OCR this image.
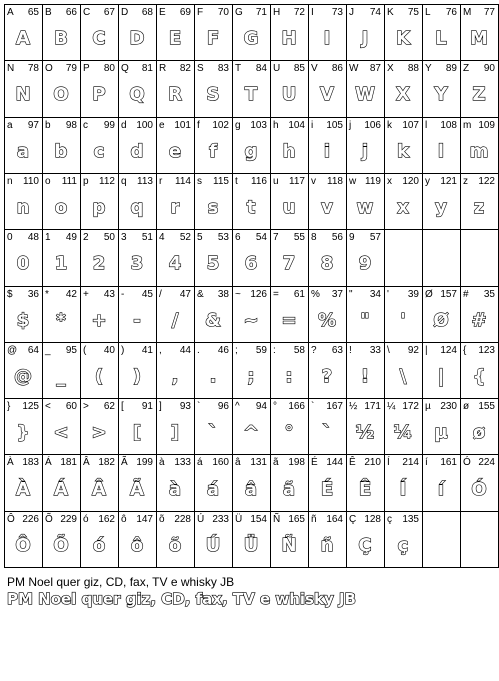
A 65
A
B 66
B
C 67
C
D 68
D
E 69
E
F 70
F
G 71
G
H 72
H
I 73
I
J 74
J
K 75
K
L 76
L
M 77
M
N 78
N
O 79
O
P 80
P
Q 81
Q
R 82
R
S 83
S
T 84
T
U 85
U
V 86
V
W 87
W
X 88
X
Y 89
Y
Z 90
Z
a 97
a
b 98
b
c 99
c
d 100
d
e 101
e
f 102
f
g 103
g
h 104
h
i 105
i
j 106
j
k 107
k
l 108
l
m 109
m
n 110
n
o 111
o
p 112
p
q 113
q
r 114
r
s 115
s
t 116
t
u 117
u
v 118
v
w 119
w
x 120
x
y 121
y
z 122
z
0 48
0
1 49
1
2 50
2
3 51
3
4 52
4
5 53
5
6 54
6
7 55
7
8 56
8
9 57
9
$ 36
$
* 42
*
+ 43
+
- 45
-
/ 47
/
& 38
&
~ 126
~
= 61
=
% 37
%
" 34
"
' 39
'
Ø 157
Ø
# 35
#
@ 64
@
_ 95
_
( 40
(
) 41
)
, 44
,
. 46
.
; 59
;
: 58
:
? 63
?
! 33
!
\ 92
\
| 124
|
{ 123
{
} 125
}
< 60
<
> 62
>
[ 91
[
] 93
]
` 96
`
^ 94
^
° 166
°
` 167
`
½ 171
½
¼ 172
¼
µ 230
µ
ø 155
ø
À 183
À
Á 181
Á
Â 182
Â
Ã 199
Ã
à 133
à
á 160
á
â 131
â
ã 198
ã
É 144
É
Ê 210
Ê
Í 214
Í
í 161
í
Ó 224
Ó
Ô 226
Ô
Õ 229
Õ
ó 162
ó
ô 147
ô
õ 228
õ
Ú 233
Ú
Ü 154
Ü
Ñ 165
Ñ
ñ 164
ñ
Ç 128
Ç
ç 135
ç
PM Noel quer giz, CD, fax, TV e whisky JB
PM Noel quer giz, CD, fax, TV e whisky JB
